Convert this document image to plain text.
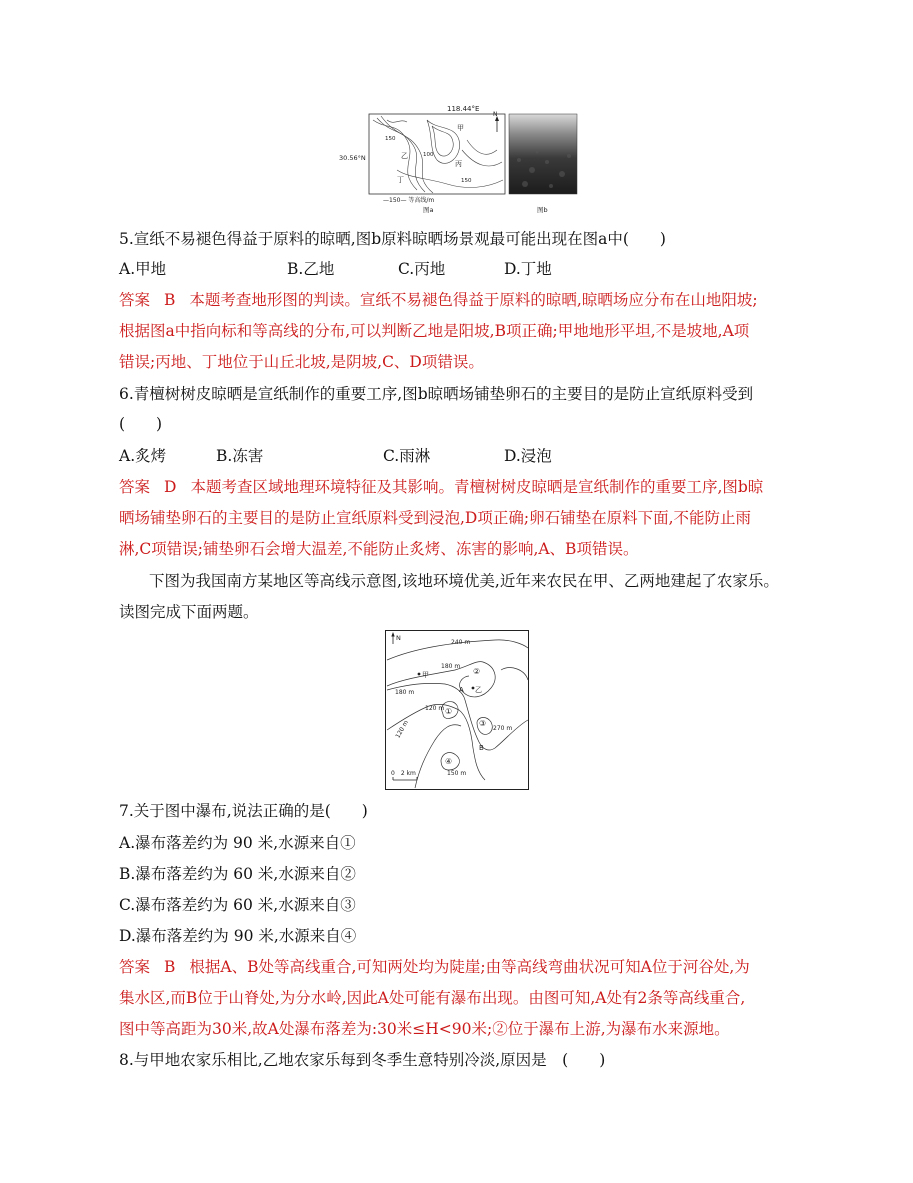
118.44°E
30.56°N
甲
乙
丙
丁
150
100
150
N
—150— 等高线/m
图a	图b
5.宣纸不易褪色得益于原料的晾晒,图b原料晾晒场景观最可能出现在图a中(　　)
A.甲地	B.乙地	C.丙地	D.丁地
答案 B 本题考查地形图的判读。宣纸不易褪色得益于原料的晾晒,晾晒场应分布在山地阳坡;
根据图a中指向标和等高线的分布,可以判断乙地是阳坡,B项正确;甲地地形平坦,不是坡地,A项
错误;丙地、丁地位于山丘北坡,是阴坡,C、D项错误。
6.青檀树树皮晾晒是宣纸制作的重要工序,图b晾晒场铺垫卵石的主要目的是防止宣纸原料受到
(　　)
A.炙烤	B.冻害	C.雨淋	D.浸泡
答案 D 本题考查区域地理环境特征及其影响。青檀树树皮晾晒是宣纸制作的重要工序,图b晾
晒场铺垫卵石的主要目的是防止宣纸原料受到浸泡,D项正确;卵石铺垫在原料下面,不能防止雨
淋,C项错误;铺垫卵石会增大温差,不能防止炙烤、冻害的影响,A、B项错误。
下图为我国南方某地区等高线示意图,该地环境优美,近年来农民在甲、乙两地建起了农家乐。
读图完成下面两题。
N
240 m
180 m
180 m
120 m
120 m	270 m
150 m
甲
乙
A
B
①
②
③
④
0　2 km
7.关于图中瀑布,说法正确的是(　　)
A.瀑布落差约为 90 米,水源来自①
B.瀑布落差约为 60 米,水源来自②
C.瀑布落差约为 60 米,水源来自③
D.瀑布落差约为 90 米,水源来自④
答案 B 根据A、B处等高线重合,可知两处均为陡崖;由等高线弯曲状况可知A位于河谷处,为
集水区,而B位于山脊处,为分水岭,因此A处可能有瀑布出现。由图可知,A处有2条等高线重合,
图中等高距为30米,故A处瀑布落差为:30米≤H<90米;②位于瀑布上游,为瀑布水来源地。
8.与甲地农家乐相比,乙地农家乐每到冬季生意特别冷淡,原因是　(　　)
